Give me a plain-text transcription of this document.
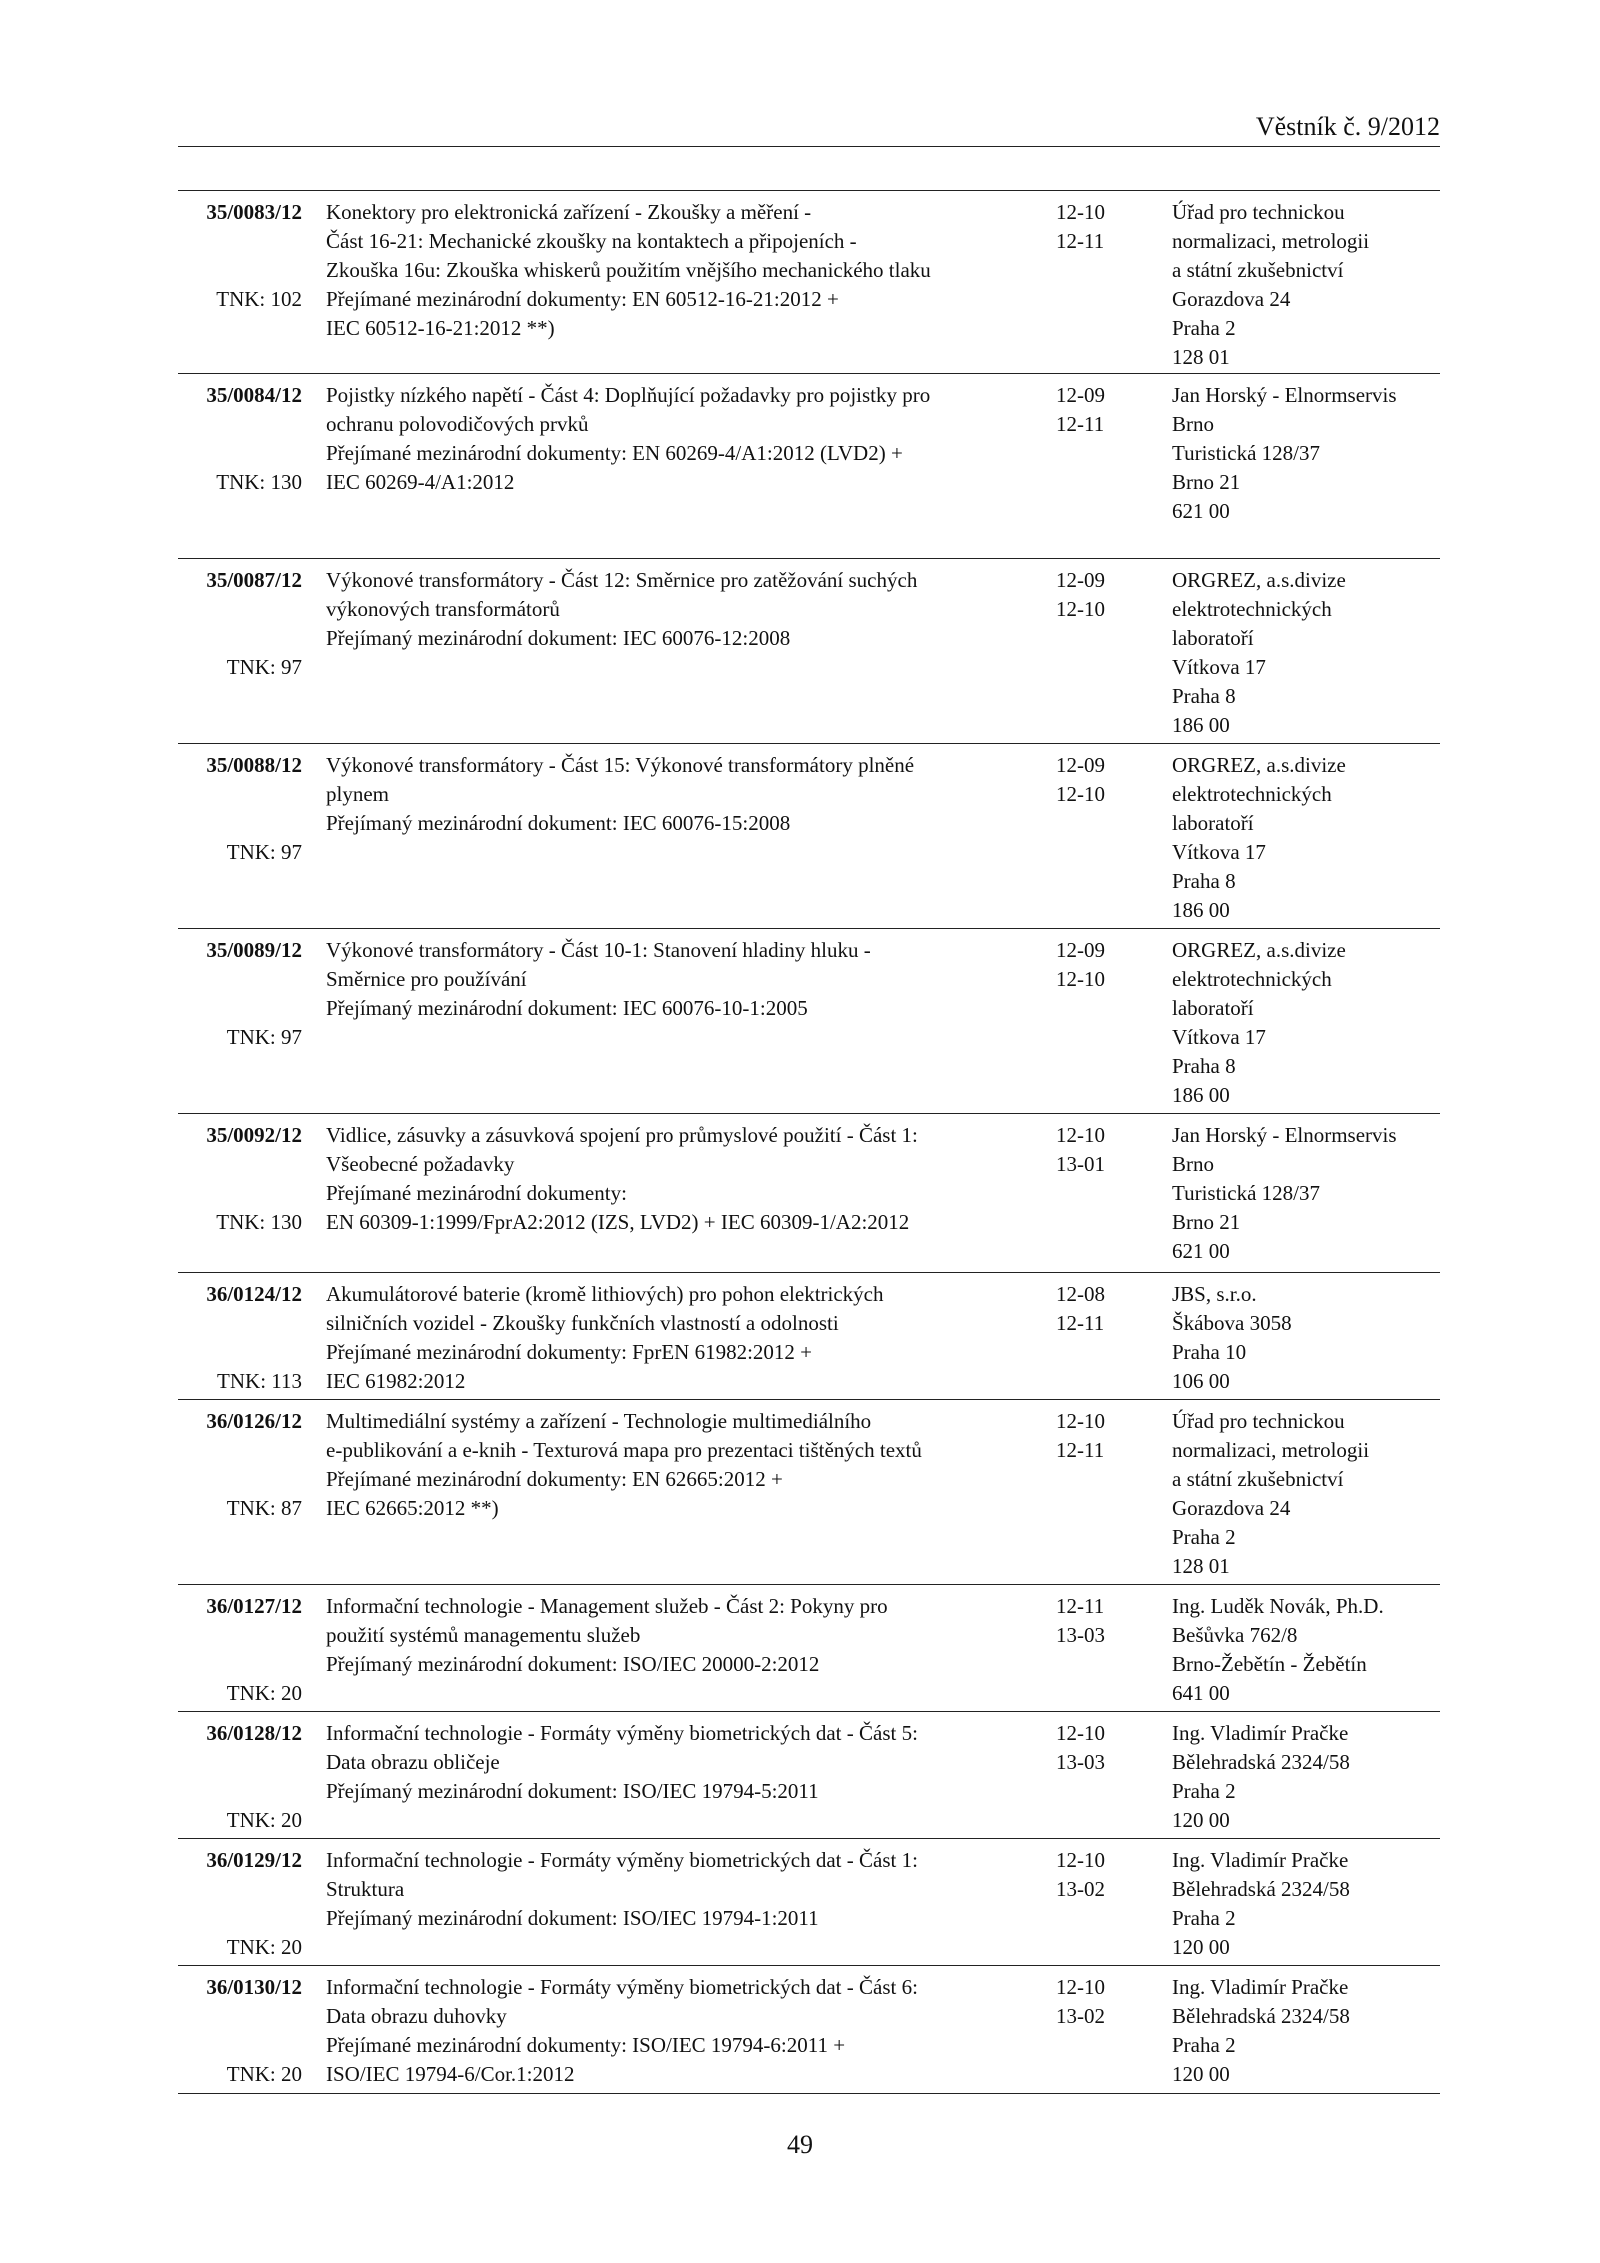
Věstník č. 9/2012
35/0083/12
TNK: 102
Konektory pro elektronická zařízení - Zkoušky a měření -
Část 16-21: Mechanické zkoušky na kontaktech a připojeních -
Zkouška 16u: Zkouška whiskerů použitím vnějšího mechanického tlaku
Přejímané mezinárodní dokumenty: EN 60512-16-21:2012 +
IEC 60512-16-21:2012 **)
12-10
12-11
Úřad pro technickou
normalizaci, metrologii
a státní zkušebnictví
Gorazdova 24
Praha 2
128 01
35/0084/12
TNK: 130
Pojistky nízkého napětí - Část 4: Doplňující požadavky pro pojistky pro
ochranu polovodičových prvků
Přejímané mezinárodní dokumenty: EN 60269-4/A1:2012 (LVD2) +
IEC 60269-4/A1:2012
12-09
12-11
Jan Horský - Elnormservis
Brno
Turistická 128/37
Brno 21
621 00
35/0087/12
TNK: 97
Výkonové transformátory - Část 12: Směrnice pro zatěžování suchých
výkonových transformátorů
Přejímaný mezinárodní dokument: IEC 60076-12:2008
12-09
12-10
ORGREZ, a.s.divize
elektrotechnických
laboratoří
Vítkova 17
Praha 8
186 00
35/0088/12
TNK: 97
Výkonové transformátory - Část 15: Výkonové transformátory plněné
plynem
Přejímaný mezinárodní dokument: IEC 60076-15:2008
12-09
12-10
ORGREZ, a.s.divize
elektrotechnických
laboratoří
Vítkova 17
Praha 8
186 00
35/0089/12
TNK: 97
Výkonové transformátory - Část 10-1: Stanovení hladiny hluku -
Směrnice pro používání
Přejímaný mezinárodní dokument: IEC 60076-10-1:2005
12-09
12-10
ORGREZ, a.s.divize
elektrotechnických
laboratoří
Vítkova 17
Praha 8
186 00
35/0092/12
TNK: 130
Vidlice, zásuvky a zásuvková spojení pro průmyslové použití - Část 1:
Všeobecné požadavky
Přejímané mezinárodní dokumenty:
EN 60309-1:1999/FprA2:2012 (IZS, LVD2) + IEC 60309-1/A2:2012
12-10
13-01
Jan Horský - Elnormservis
Brno
Turistická 128/37
Brno 21
621 00
36/0124/12
TNK: 113
Akumulátorové baterie (kromě lithiových) pro pohon elektrických
silničních vozidel - Zkoušky funkčních vlastností a odolnosti
Přejímané mezinárodní dokumenty: FprEN 61982:2012 +
IEC 61982:2012
12-08
12-11
JBS, s.r.o.
Škábova 3058
Praha 10
106 00
36/0126/12
TNK: 87
Multimediální systémy a zařízení - Technologie multimediálního
e-publikování a e-knih - Texturová mapa pro prezentaci tištěných textů
Přejímané mezinárodní dokumenty: EN 62665:2012 +
IEC 62665:2012 **)
12-10
12-11
Úřad pro technickou
normalizaci, metrologii
a státní zkušebnictví
Gorazdova 24
Praha 2
128 01
36/0127/12
TNK: 20
Informační technologie - Management služeb - Část 2: Pokyny pro
použití systémů managementu služeb
Přejímaný mezinárodní dokument: ISO/IEC 20000-2:2012
12-11
13-03
Ing. Luděk Novák, Ph.D.
Bešůvka 762/8
Brno-Žebětín - Žebětín
641 00
36/0128/12
TNK: 20
Informační technologie - Formáty výměny biometrických dat - Část 5:
Data obrazu obličeje
Přejímaný mezinárodní dokument: ISO/IEC 19794-5:2011
12-10
13-03
Ing. Vladimír Pračke
Bělehradská 2324/58
Praha 2
120 00
36/0129/12
TNK: 20
Informační technologie - Formáty výměny biometrických dat - Část 1:
Struktura
Přejímaný mezinárodní dokument: ISO/IEC 19794-1:2011
12-10
13-02
Ing. Vladimír Pračke
Bělehradská 2324/58
Praha 2
120 00
36/0130/12
TNK: 20
Informační technologie - Formáty výměny biometrických dat - Část 6:
Data obrazu duhovky
Přejímané mezinárodní dokumenty: ISO/IEC 19794-6:2011 +
ISO/IEC 19794-6/Cor.1:2012
12-10
13-02
Ing. Vladimír Pračke
Bělehradská 2324/58
Praha 2
120 00
49
